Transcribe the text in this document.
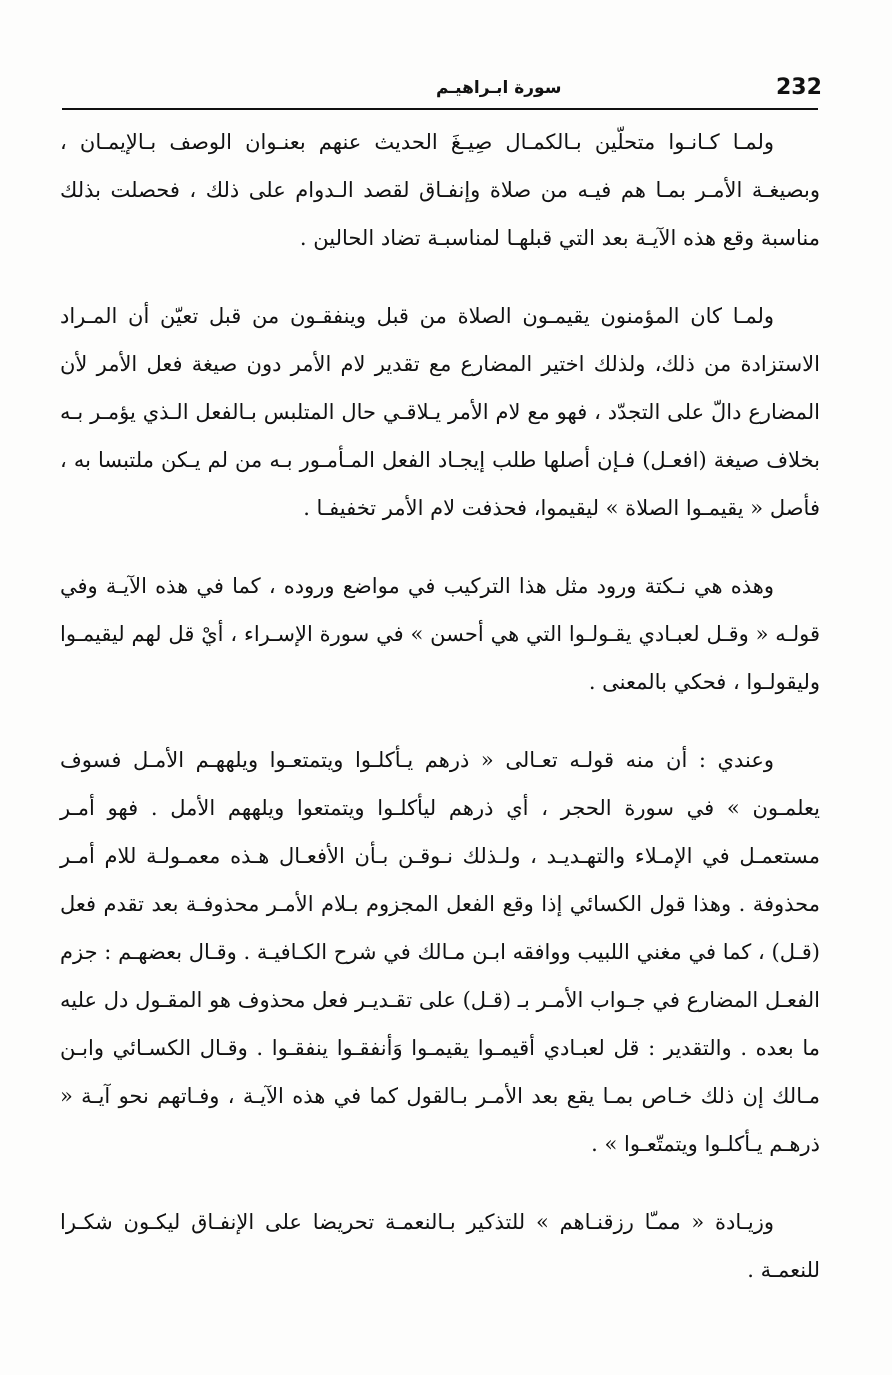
232
سورة ابـراهيـم

ولمـا كـانـوا متحلّين بـالكمـال صِيـغَ الحديث عنهم بعنـوان الوصف بـالإيمـان ، وبصيغـة الأمـر بمـا هم فيـه من صلاة وإنفـاق لقصد الـدوام على ذلك ، فحصلت بذلك مناسبة وقع هذه الآيـة بعد التي قبلهـا لمناسبـة تضاد الحالين .

ولمـا كان المؤمنون يقيمـون الصلاة من قبل وينفقـون من قبل تعيّن أن المـراد الاستزادة من ذلك، ولذلك اختير المضارع مع تقدير لام الأمر دون صيغة فعل الأمر لأن المضارع دالّ على التجدّد ، فهو مع لام الأمر يـلاقـي حال المتلبس بـالفعل الـذي يؤمـر بـه بخلاف صيغة (افعـل) فـإن أصلها طلب إيجـاد الفعل المـأمـور بـه من لم يـكن ملتبسا به ، فأصل « يقيمـوا الصلاة » ليقيموا، فحذفت لام الأمر تخفيفـا .

وهذه هي نـكتة ورود مثل هذا التركيب في مواضع وروده ، كما في هذه الآيـة وفي قولـه « وقـل لعبـادي يقـولـوا التي هي أحسن » في سورة الإسـراء ، أيْ قل لهم ليقيمـوا وليقولـوا ، فحكي بالمعنى .

وعندي : أن منه قولـه تعـالى « ذرهم يـأكلـوا ويتمتعـوا ويلههـم الأمـل فسوف يعلمـون » في سورة الحجر ، أي ذرهم ليأكلـوا ويتمتعوا ويلههم الأمل . فهو أمـر مستعمـل في الإمـلاء والتهـديـد ، ولـذلك نـوقـن بـأن الأفعـال هـذه معمـولـة للام أمـر محذوفة . وهذا قول الكسائي إذا وقع الفعل المجزوم بـلام الأمـر محذوفـة بعد تقدم فعل (قـل) ، كما في مغني اللبيب ووافقه ابـن مـالك في شرح الكـافيـة . وقـال بعضهـم : جزم الفعـل المضارع في جـواب الأمـر بـ (قـل) على تقـديـر فعل محذوف هو المقـول دل عليه ما بعده . والتقدير : قل لعبـادي أقيمـوا يقيمـوا وَأنفقـوا ينفقـوا . وقـال الكسـائي وابـن مـالك إن ذلك خـاص بمـا يقع بعد الأمـر بـالقول كما في هذه الآيـة ، وفـاتهم نحو آيـة « ذرهـم يـأكلـوا ويتمتّعـوا » .

وزيـادة « ممـّا رزقنـاهم » للتذكير بـالنعمـة تحريضا على الإنفـاق ليكـون شكـرا للنعمـة .
